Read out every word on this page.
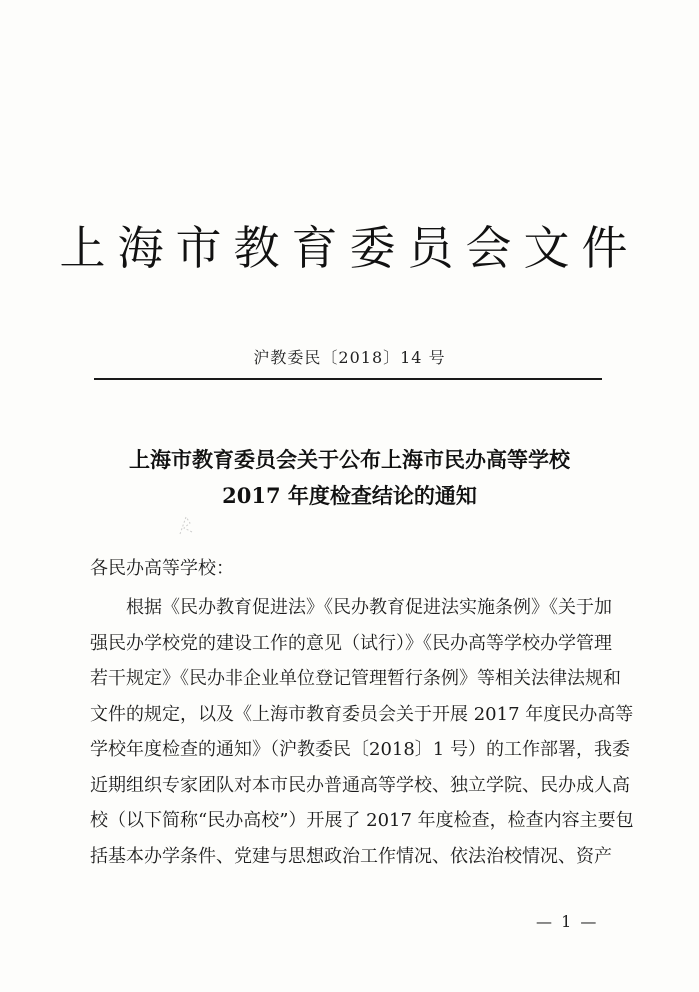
上海市教育委员会文件
沪教委民〔2018〕14 号
上海市教育委员会关于公布上海市民办高等学校
2017 年度检查结论的通知
各民办高等学校：
根据《民办教育促进法》《民办教育促进法实施条例》《关于加
强民办学校党的建设工作的意见（试行）》《民办高等学校办学管理
若干规定》《民办非企业单位登记管理暂行条例》等相关法律法规和
文件的规定，以及《上海市教育委员会关于开展 2017 年度民办高等
学校年度检查的通知》（沪教委民〔2018〕1 号）的工作部署，我委
近期组织专家团队对本市民办普通高等学校、独立学院、民办成人高
校（以下简称“民办高校”）开展了 2017 年度检查，检查内容主要包
括基本办学条件、党建与思想政治工作情况、依法治校情况、资产
— 1 —
